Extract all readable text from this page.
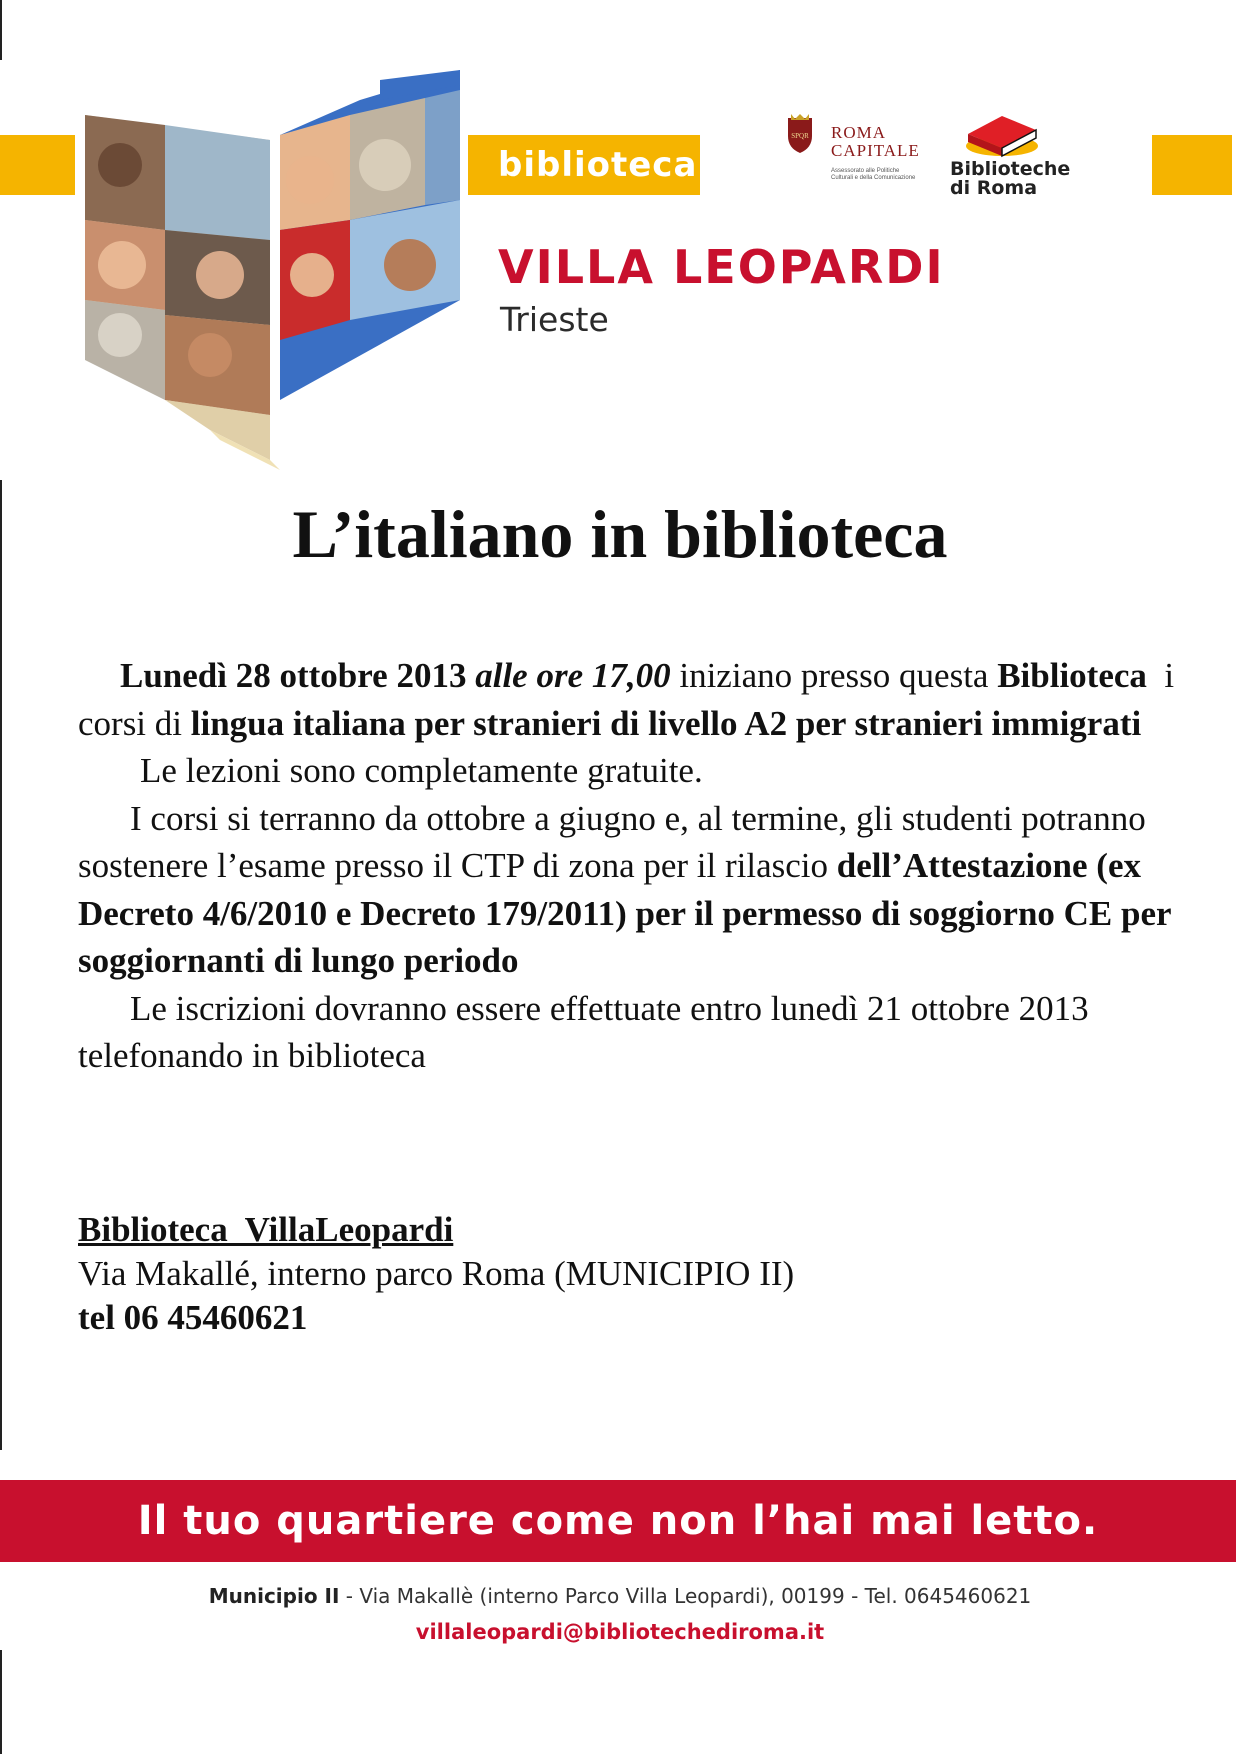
biblioteca
VILLA LEOPARDI
Trieste
SPQR ROMA
CAPITALE
Assessorato alle Politiche Culturali e della Comunicazione Biblioteche
di Roma
L’italiano in biblioteca

Lunedì 28 ottobre 2013 alle ore 17,00 iniziano presso questa Biblioteca i corsi di lingua italiana per stranieri di livello A2 per stranieri immigrati

Le lezioni sono completamente gratuite.

I corsi si terranno da ottobre a giugno e, al termine, gli studenti potranno sostenere l’esame presso il CTP di zona per il rilascio dell’Attestazione (ex Decreto 4/6/2010 e Decreto 179/2011) per il permesso di soggiorno CE per soggiornanti di lungo periodo

Le iscrizioni dovranno essere effettuate entro lunedì 21 ottobre 2013 telefonando in biblioteca

Biblioteca  VillaLeopardi
Via Makallé, interno parco Roma (MUNICIPIO II)
tel 06 45460621
Il tuo quartiere come non l’hai mai letto.
Municipio II - Via Makallè (interno Parco Villa Leopardi), 00199 - Tel. 0645460621
villaleopardi@bibliotechediroma.it
